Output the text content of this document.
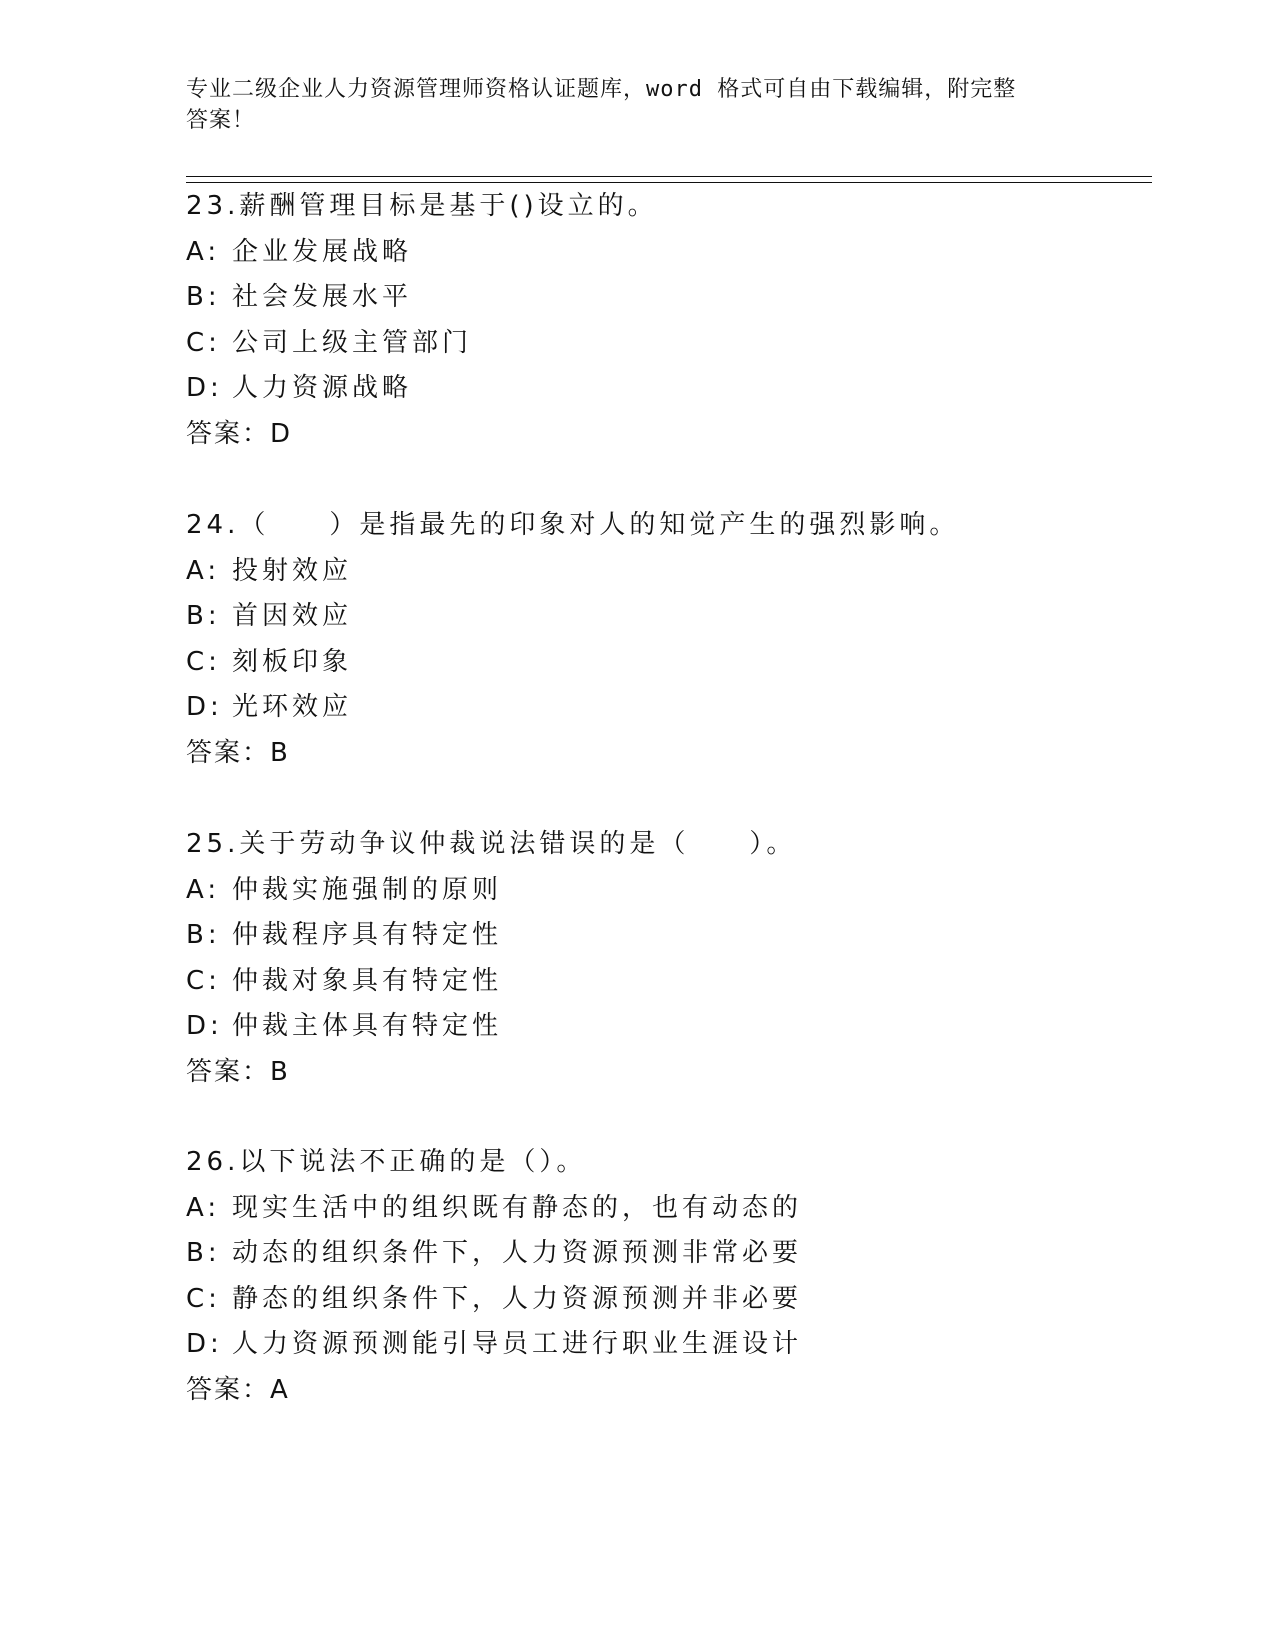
专业二级企业人力资源管理师资格认证题库，word 格式可自由下载编辑，附完整
答案！
23.薪酬管理目标是基于()设立的。
A: 企业发展战略
B: 社会发展水平
C: 公司上级主管部门
D: 人力资源战略
答案：D
24.（　　）是指最先的印象对人的知觉产生的强烈影响。
A: 投射效应
B: 首因效应
C: 刻板印象
D: 光环效应
答案：B
25.关于劳动争议仲裁说法错误的是（　　）。
A: 仲裁实施强制的原则
B: 仲裁程序具有特定性
C: 仲裁对象具有特定性
D: 仲裁主体具有特定性
答案：B
26.以下说法不正确的是（）。
A: 现实生活中的组织既有静态的，也有动态的
B: 动态的组织条件下，人力资源预测非常必要
C: 静态的组织条件下，人力资源预测并非必要
D: 人力资源预测能引导员工进行职业生涯设计
答案：A
